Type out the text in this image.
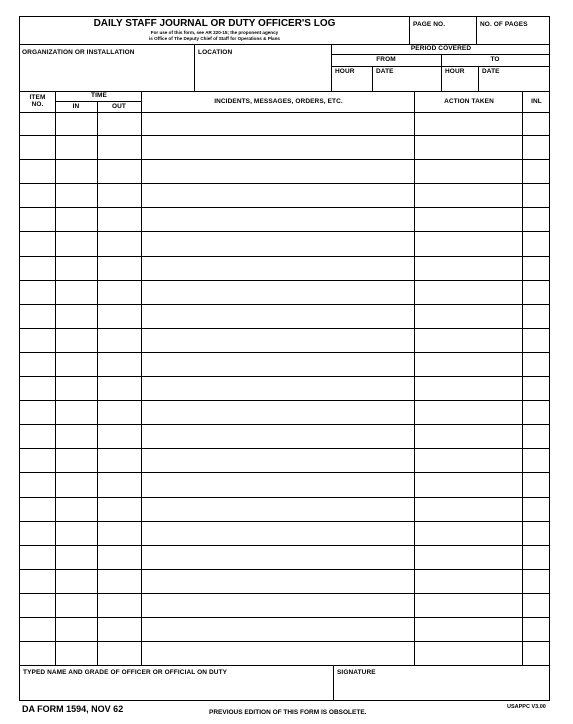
DAILY STAFF JOURNAL OR DUTY OFFICER'S LOG
For use of this form, see AR 220-15; the proponent agency
is Office of The Deputy Chief of Staff for Operations & Plans
PAGE NO.	NO. OF PAGES
ORGANIZATION OR INSTALLATION	LOCATION
PERIOD COVERED
FROM	TO
HOUR	DATE	HOUR	DATE
ITEM
NO.
TIME
IN	OUT
INCIDENTS, MESSAGES, ORDERS, ETC.	ACTION TAKEN	INL
TYPED NAME AND GRADE OF OFFICER OR OFFICIAL ON DUTY	SIGNATURE
DA FORM 1594, NOV 62	PREVIOUS EDITION OF THIS FORM IS OBSOLETE.
USAPPC V3.00
